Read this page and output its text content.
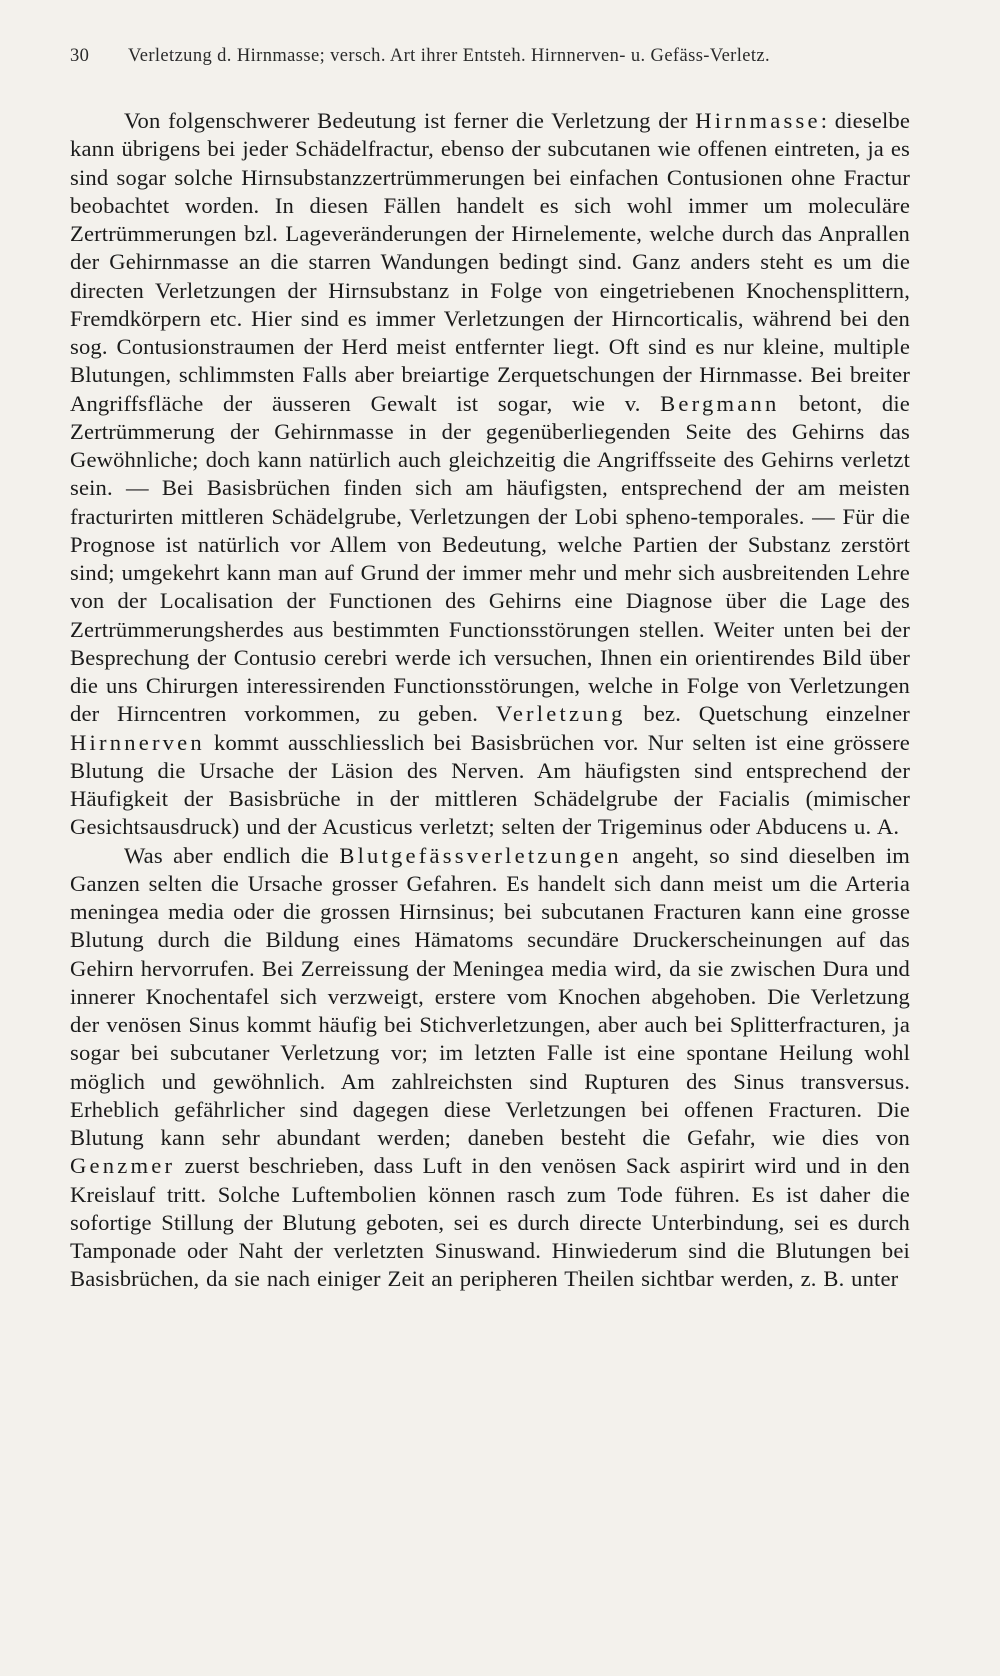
30	Verletzung d. Hirnmasse; versch. Art ihrer Entsteh. Hirnnerven- u. Gefäss-Verletz.

Von folgenschwerer Bedeutung ist ferner die Verletzung der Hirnmasse: dieselbe kann übrigens bei jeder Schädelfractur, ebenso der subcutanen wie offenen eintreten, ja es sind sogar solche Hirnsubstanzzertrümmerungen bei einfachen Contusionen ohne Fractur beobachtet worden. In diesen Fällen handelt es sich wohl immer um moleculäre Zertrümmerungen bzl. Lageveränderungen der Hirnelemente, welche durch das Anprallen der Gehirnmasse an die starren Wandungen bedingt sind. Ganz anders steht es um die directen Verletzungen der Hirnsubstanz in Folge von eingetriebenen Knochensplittern, Fremdkörpern etc. Hier sind es immer Verletzungen der Hirncorticalis, während bei den sog. Contusionstraumen der Herd meist entfernter liegt. Oft sind es nur kleine, multiple Blutungen, schlimmsten Falls aber breiartige Zerquetschungen der Hirnmasse. Bei breiter Angriffsfläche der äusseren Gewalt ist sogar, wie v. Bergmann betont, die Zertrümmerung der Gehirnmasse in der gegenüberliegenden Seite des Gehirns das Gewöhnliche; doch kann natürlich auch gleichzeitig die Angriffsseite des Gehirns verletzt sein. — Bei Basisbrüchen finden sich am häufigsten, entsprechend der am meisten fracturirten mittleren Schädelgrube, Verletzungen der Lobi spheno-temporales. — Für die Prognose ist natürlich vor Allem von Bedeutung, welche Partien der Substanz zerstört sind; umgekehrt kann man auf Grund der immer mehr und mehr sich ausbreitenden Lehre von der Localisation der Functionen des Gehirns eine Diagnose über die Lage des Zertrümmerungsherdes aus bestimmten Functionsstörungen stellen. Weiter unten bei der Besprechung der Contusio cerebri werde ich versuchen, Ihnen ein orientirendes Bild über die uns Chirurgen interessirenden Functionsstörungen, welche in Folge von Verletzungen der Hirncentren vorkommen, zu geben. Verletzung bez. Quetschung einzelner Hirnnerven kommt ausschliesslich bei Basisbrüchen vor. Nur selten ist eine grössere Blutung die Ursache der Läsion des Nerven. Am häufigsten sind entsprechend der Häufigkeit der Basisbrüche in der mittleren Schädelgrube der Facialis (mimischer Gesichtsausdruck) und der Acusticus verletzt; selten der Trigeminus oder Abducens u. A.

Was aber endlich die Blutgefässverletzungen angeht, so sind dieselben im Ganzen selten die Ursache grosser Gefahren. Es handelt sich dann meist um die Arteria meningea media oder die grossen Hirnsinus; bei subcutanen Fracturen kann eine grosse Blutung durch die Bildung eines Hämatoms secundäre Druckerscheinungen auf das Gehirn hervorrufen. Bei Zerreissung der Meningea media wird, da sie zwischen Dura und innerer Knochentafel sich verzweigt, erstere vom Knochen abgehoben. Die Verletzung der venösen Sinus kommt häufig bei Stichverletzungen, aber auch bei Splitterfracturen, ja sogar bei subcutaner Verletzung vor; im letzten Falle ist eine spontane Heilung wohl möglich und gewöhnlich. Am zahlreichsten sind Rupturen des Sinus transversus. Erheblich gefährlicher sind dagegen diese Verletzungen bei offenen Fracturen. Die Blutung kann sehr abundant werden; daneben besteht die Gefahr, wie dies von Genzmer zuerst beschrieben, dass Luft in den venösen Sack aspirirt wird und in den Kreislauf tritt. Solche Luftembolien können rasch zum Tode führen. Es ist daher die sofortige Stillung der Blutung geboten, sei es durch directe Unterbindung, sei es durch Tamponade oder Naht der verletzten Sinuswand. Hinwiederum sind die Blutungen bei Basisbrüchen, da sie nach einiger Zeit an peripheren Theilen sichtbar werden, z. B. unter
